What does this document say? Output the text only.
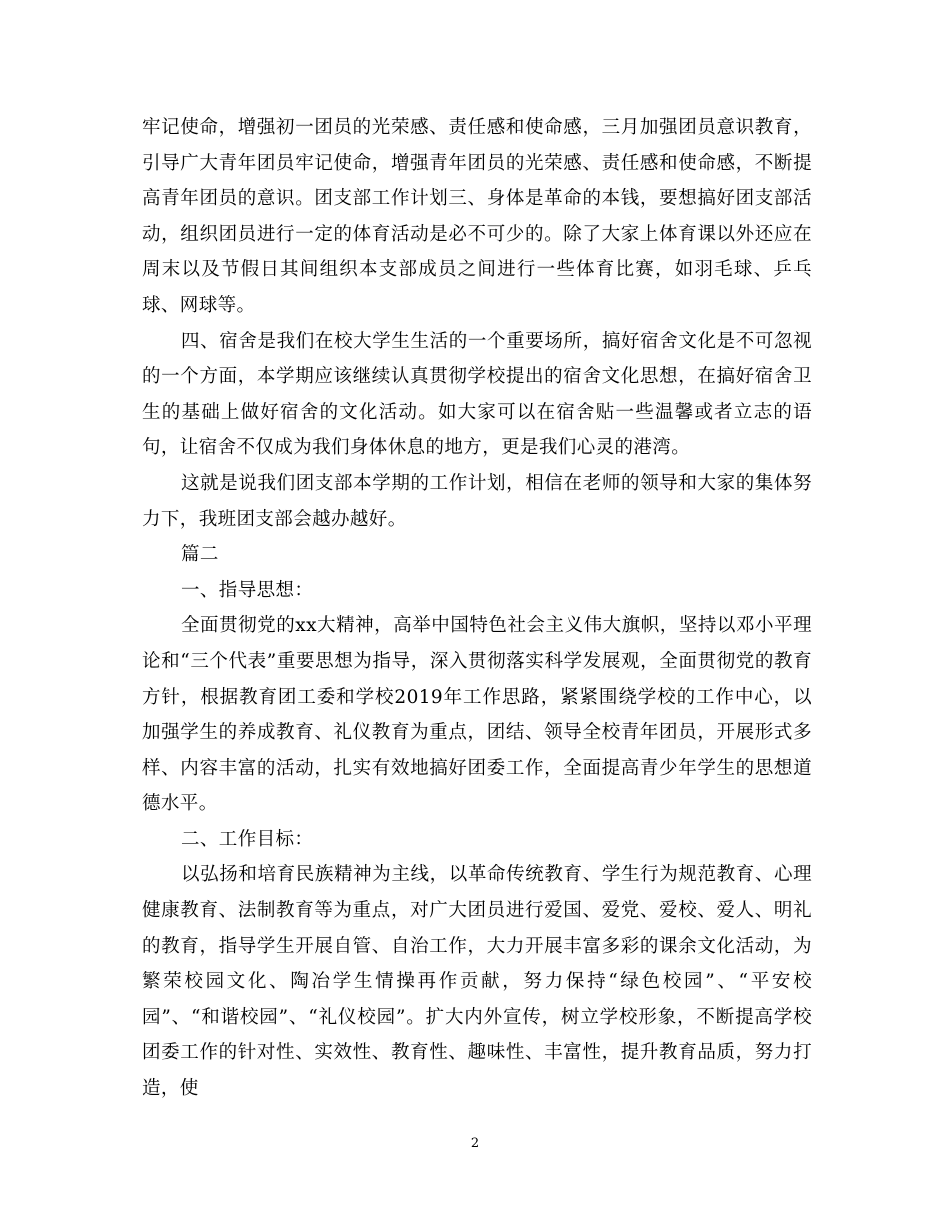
牢记使命，增强初一团员的光荣感、责任感和使命感，三月加强团员意识教育，引导广大青年团员牢记使命，增强青年团员的光荣感、责任感和使命感，不断提高青年团员的意识。团支部工作计划三、身体是革命的本钱，要想搞好团支部活动，组织团员进行一定的体育活动是必不可少的。除了大家上体育课以外还应在周末以及节假日其间组织本支部成员之间进行一些体育比赛，如羽毛球、乒乓球、网球等。

四、宿舍是我们在校大学生生活的一个重要场所，搞好宿舍文化是不可忽视的一个方面，本学期应该继续认真贯彻学校提出的宿舍文化思想，在搞好宿舍卫生的基础上做好宿舍的文化活动。如大家可以在宿舍贴一些温馨或者立志的语句，让宿舍不仅成为我们身体休息的地方，更是我们心灵的港湾。

这就是说我们团支部本学期的工作计划，相信在老师的领导和大家的集体努力下，我班团支部会越办越好。

篇二

一、指导思想：

全面贯彻党的xx大精神，高举中国特色社会主义伟大旗帜，坚持以邓小平理论和“三个代表”重要思想为指导，深入贯彻落实科学发展观，全面贯彻党的教育方针，根据教育团工委和学校2019年工作思路，紧紧围绕学校的工作中心，以加强学生的养成教育、礼仪教育为重点，团结、领导全校青年团员，开展形式多样、内容丰富的活动，扎实有效地搞好团委工作，全面提高青少年学生的思想道德水平。

二、工作目标：

以弘扬和培育民族精神为主线，以革命传统教育、学生行为规范教育、心理健康教育、法制教育等为重点，对广大团员进行爱国、爱党、爱校、爱人、明礼的教育，指导学生开展自管、自治工作，大力开展丰富多彩的课余文化活动，为繁荣校园文化、陶冶学生情操再作贡献，努力保持“绿色校园”、“平安校园”、“和谐校园”、“礼仪校园”。扩大内外宣传，树立学校形象，不断提高学校团委工作的针对性、实效性、教育性、趣味性、丰富性，提升教育品质，努力打造，使

2
